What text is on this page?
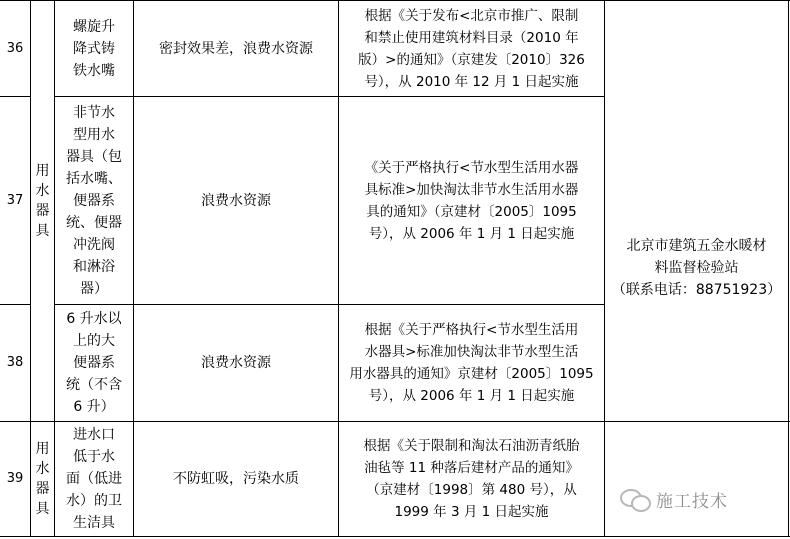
36
螺旋升
降式铸
铁水嘴
密封效果差，浪费水资源
根据《关于发布<北京市推广、限制
和禁止使用建筑材料目录（2010 年
版）>的通知》（京建发〔2010〕326
号），从 2010 年 12 月 1 日起实施
37
非节水
型用水
器具（包
括水嘴、
便器系
统、便器
冲洗阀
和淋浴
器）
浪费水资源
《关于严格执行<节水型生活用水器
具标准>加快淘汰非节水生活用水器
具的通知》（京建材〔2005〕1095
号），从 2006 年 1 月 1 日起实施
38
6 升水以
上的大
便器系
统（不含
6 升）
浪费水资源
根据《关于严格执行<节水型生活用
水器具>标准加快淘汰非节水型生活
用水器具的通知》京建材〔2005〕1095
号），从 2006 年 1 月 1 日起实施
39
进水口
低于水
面（低进
水）的卫
生洁具
不防虹吸，污染水质
根据《关于限制和淘汰石油沥青纸胎
油毡等 11 种落后建材产品的通知》
（京建材〔1998〕第 480 号），从
1999 年 3 月 1 日起实施
用
水
器
具
用
水
器
具
北京市建筑五金水暖材
料监督检验站
（联系电话：88751923）
施工技术
